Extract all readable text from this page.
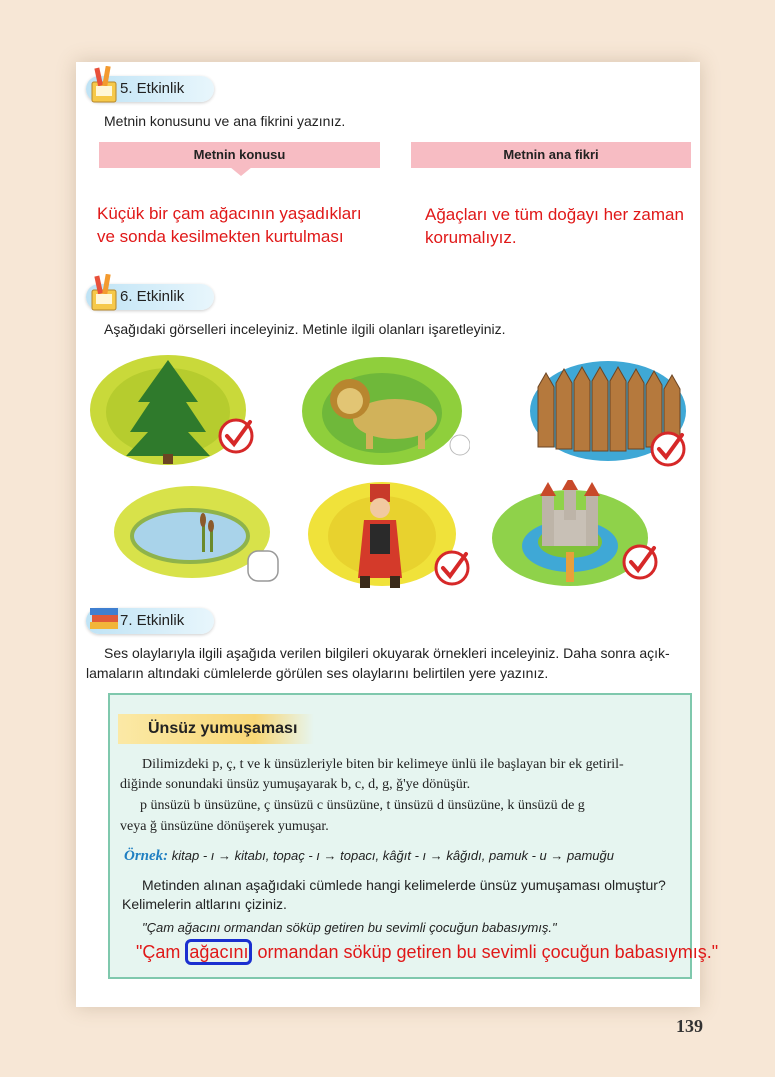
5. Etkinlik
Metnin konusunu ve ana fikrini yazınız.
Metnin konusu	Metnin ana fikri
Küçük bir çam ağacının yaşadıkları
ve sonda kesilmekten kurtulması
Ağaçları ve tüm doğayı her zaman
korumalıyız.
6. Etkinlik
Aşağıdaki görselleri inceleyiniz. Metinle ilgili olanları işaretleyiniz.
7. Etkinlik
Ses olaylarıyla ilgili aşağıda verilen bilgileri okuyarak örnekleri inceleyiniz. Daha sonra açık-
lamaların altındaki cümlelerde görülen ses olaylarını belirtilen yere yazınız.
Ünsüz yumuşaması
Dilimizdeki p, ç, t ve k ünsüzleriyle biten bir kelimeye ünlü ile başlayan bir ek getiril-
diğinde sonundaki ünsüz yumuşayarak b, c, d, g, ğ'ye dönüşür.
p ünsüzü b ünsüzüne, ç ünsüzü c ünsüzüne, t ünsüzü d ünsüzüne, k ünsüzü de g
veya ğ ünsüzüne dönüşerek yumuşar.
Örnek: kitap - ı → kitabı, topaç - ı → topacı, kâğıt - ı → kâğıdı, pamuk - u → pamuğu
Metinden alınan aşağıdaki cümlede hangi kelimelerde ünsüz yumuşaması olmuştur?
Kelimelerin altlarını çiziniz.
"Çam ağacını ormandan söküp getiren bu sevimli çocuğun babasıymış."
"Çam ağacını ormandan söküp getiren bu sevimli çocuğun babasıymış."
139
